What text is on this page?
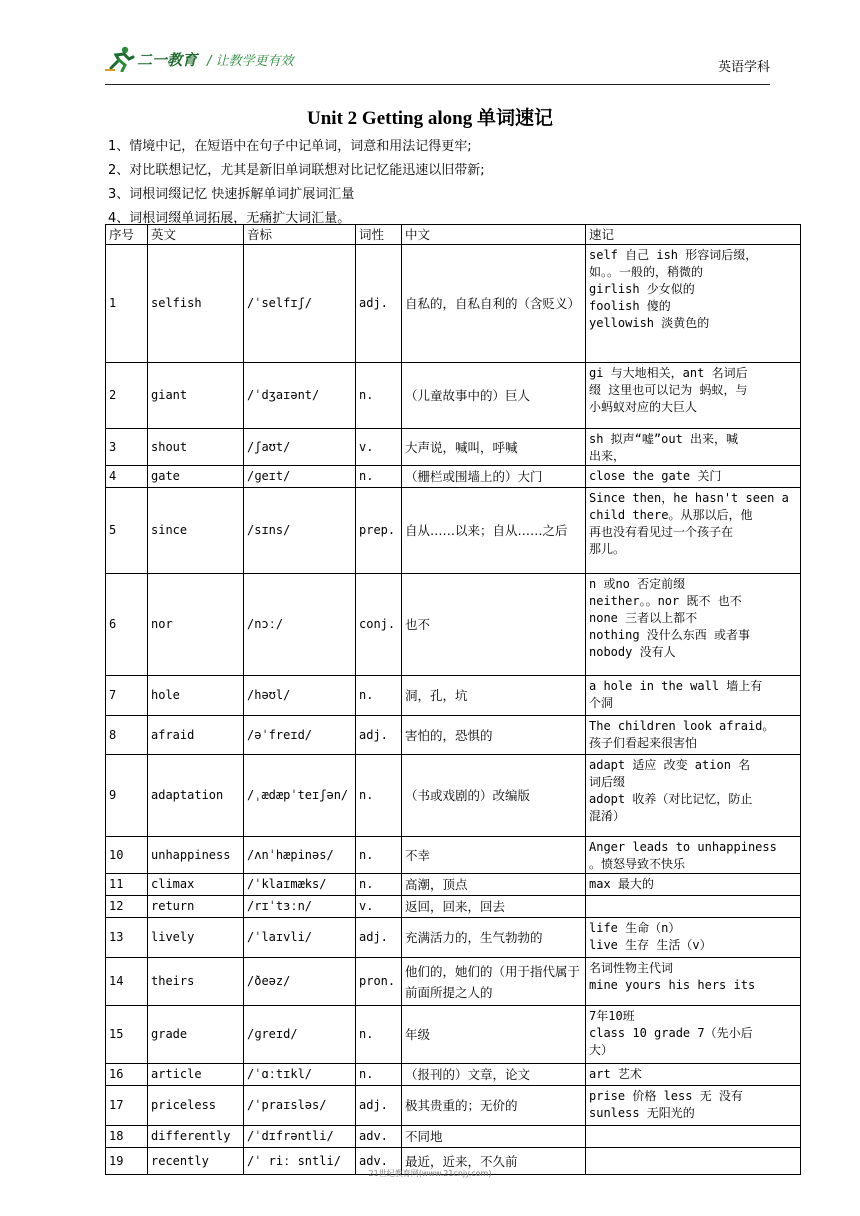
二一教育 / 让教学更有效	英语学科
Unit 2 Getting along 单词速记
1、情境中记，在短语中在句子中记单词，词意和用法记得更牢;
2、对比联想记忆，尤其是新旧单词联想对比记忆能迅速以旧带新;
3、词根词缀记忆 快速拆解单词扩展词汇量
4、词根词缀单词拓展，无痛扩大词汇量。
序号	英文	音标	词性	中文	速记
1	selfish	/ˈselfɪʃ/	adj.	自私的，自私自利的（含贬义）	self 自己 ish 形容词后缀，
如。。一般的，稍微的
girlish 少女似的
foolish 傻的
yellowish 淡黄色的

2	giant	/ˈdʒaɪənt/	n.	（儿童故事中的）巨人	gi 与大地相关，ant 名词后
缀 这里也可以记为 蚂蚁，与
小蚂蚁对应的大巨人

3	shout	/ʃaʊt/	v.	大声说，喊叫，呼喊	sh 拟声“嘘”out 出来，喊
出来，

4	gate	/ɡeɪt/	n.	（栅栏或围墙上的）大门	close the gate 关门

5	since	/sɪns/	prep.	自从……以来；自从……之后	Since then，he hasn't seen a
child there。从那以后，他
再也没有看见过一个孩子在
那儿。

6	nor	/nɔː/	conj.	也不	n 或no 否定前缀
neither。。nor 既不 也不
none 三者以上都不
nothing 没什么东西 或者事
nobody 没有人

7	hole	/həʊl/	n.	洞，孔，坑	a hole in the wall 墙上有
个洞

8	afraid	/əˈfreɪd/	adj.	害怕的，恐惧的	The children look afraid。
孩子们看起来很害怕

9	adaptation	/ˌædæpˈteɪʃən/	n.	（书或戏剧的）改编版	adapt 适应 改变 ation 名
词后缀
adopt 收养（对比记忆，防止
混淆）

10	unhappiness	/ʌnˈhæpinəs/	n.	不幸	Anger leads to unhappiness
。愤怒导致不快乐

11	climax	/ˈklaɪmæks/	n.	高潮，顶点	max 最大的

12	return	/rɪˈtɜːn/	v.	返回，回来，回去	
13	lively	/ˈlaɪvli/	adj.	充满活力的，生气勃勃的	life 生命（n）
live 生存 生活（v）

14	theirs	/ðeəz/	pron.	他们的，她们的（用于指代属于前面所提之人的	名词性物主代词
mine yours his hers its

15	grade	/ɡreɪd/	n.	年级	7年10班
class 10 grade 7（先小后
大）

16	article	/ˈɑːtɪkl/	n.	（报刊的）文章，论文	art 艺术

17	priceless	/ˈpraɪsləs/	adj.	极其贵重的；无价的	prise 价格 less 无 没有
sunless 无阳光的

18	differently	/ˈdɪfrəntli/	adv.	不同地	
19	recently	/ˈ riː sntli/	adv.	最近，近来，不久前	
21世纪教育网(www.21cnjy.com)
